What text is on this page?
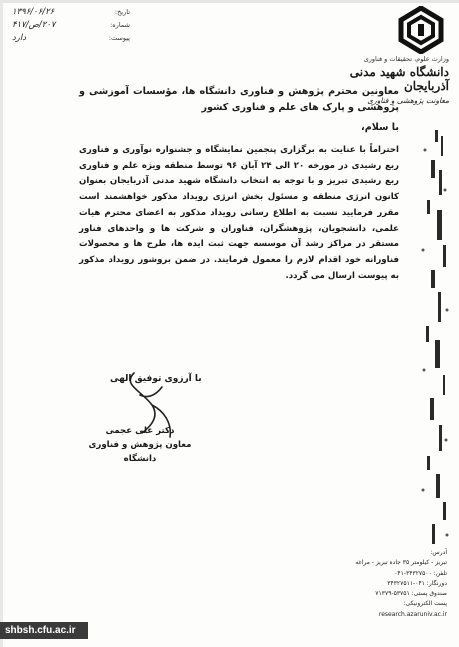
تاریخ:
۱۳۹۶/۰۶/۲۶
شماره:
۲۰۷/ص/۴۱۷
پیوست:
دارد
وزارت علوم، تحقیقات و فناوری
دانشگاه شهید مدنی آذربایجان
معاونت پژوهشی و فناوری
معاونین محترم پژوهش و فناوری دانشگاه ها، مؤسسات آموزشی و پژوهشی و پارک های علم و فناوری کشور
با سلام،
احتراماً با عنایت به برگزاری پنجمین نمایشگاه و جشنواره نوآوری و فناوری ربع رشیدی در مورخه ۲۰ الی ۲۴ آبان ۹۶ توسط منطقه ویژه علم و فناوری ربع رشیدی تبریز و با توجه به انتخاب دانشگاه شهید مدنی آذربایجان بعنوان کانون انرژی منطقه و مسئول بخش انرژی رویداد مذکور خواهشمند است مقرر فرمایید نسبت به اطلاع رسانی رویداد مذکور به اعضای محترم هیات علمی، دانشجویان، پژوهشگران، فناوران و شرکت ها و واحدهای فناور مستقر در مراکز رشد آن موسسه جهت ثبت ایده ها، طرح ها و محصولات فناورانه خود اقدام لازم را معمول فرمایند. در ضمن بروشور رویداد مذکور به پیوست ارسال می گردد.
با آرزوی توفیق الهی
دکتر علی عجمی
معاون پژوهش و فناوری دانشگاه
آدرس:
تبریز - کیلومتر ۳۵ جاده تبریز - مراغه
تلفن: ۳۴۳۲۷۵۰۰-۰۴۱
دورنگار: ۰۴۱-۳۴۳۲۷۵۱۱
صندوق پستی: ۵۳۷۵۱-۷۱۳۷۹
پست الکترونیکی:
research.azaruniv.ac.ir
shbsh.cfu.ac.ir
